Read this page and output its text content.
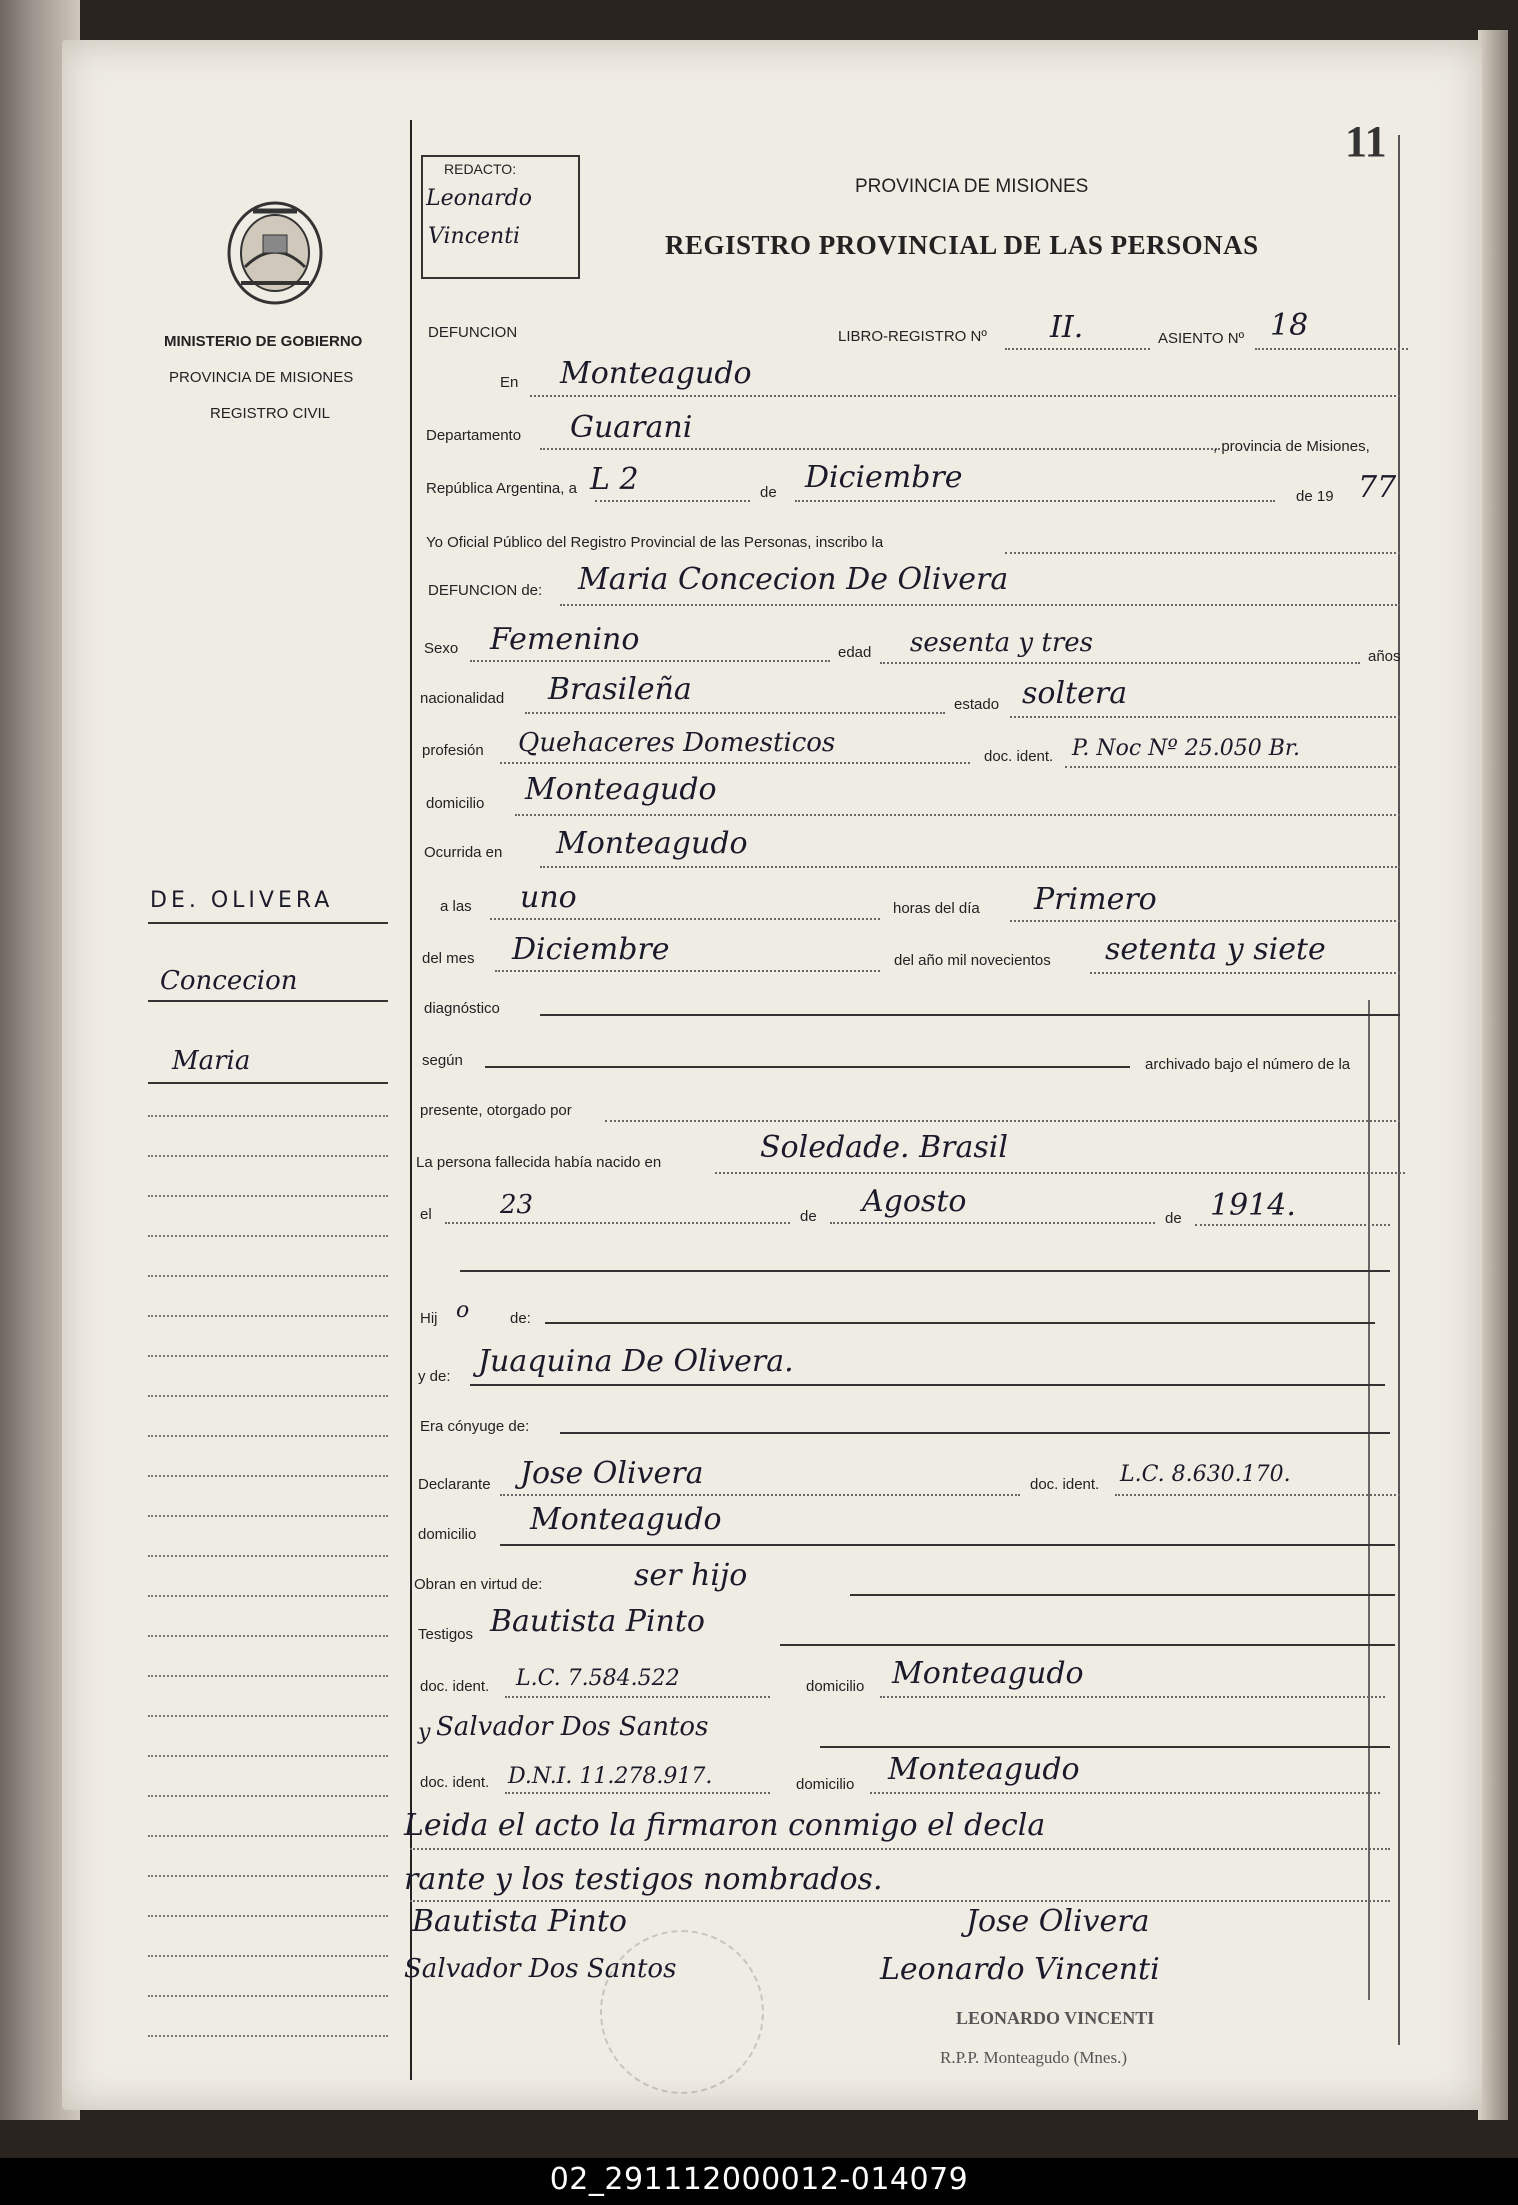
11
MINISTERIO DE GOBIERNO
PROVINCIA DE MISIONES
REGISTRO CIVIL
REDACTO:
Leonardo
Vincenti
PROVINCIA DE MISIONES
REGISTRO PROVINCIAL DE LAS PERSONAS
DE. OLIVERA
Concecion
Maria
DEFUNCION	LIBRO-REGISTRO Nº II.	ASIENTO Nº 18
En Monteagudo
Departamento Guarani
, provincia de Misiones,
República Argentina, a L 2	de Diciembre
de 19 77
Yo Oficial Público del Registro Provincial de las Personas, inscribo la
DEFUNCION de: Maria Concecion De Olivera
Sexo Femenino	edad sesenta y tres	años
nacionalidad Brasileña	estado soltera
profesión Quehaceres Domesticos	doc. ident. P. Noc Nº 25.050 Br.
domicilio Monteagudo
Ocurrida en Monteagudo
a las uno	horas del día Primero
del mes Diciembre	del año mil novecientos setenta y siete
diagnóstico
según	archivado bajo el número de la
presente, otorgado por
La persona fallecida había nacido en	Soledade. Brasil
el	23	de Agosto	de 1914.
Hij o	de:
y de: Juaquina De Olivera.
Era cónyuge de:
Declarante Jose Olivera	doc. ident. L.C. 8.630.170.
domicilio Monteagudo
Obran en virtud de:	ser hijo
Testigos Bautista Pinto
doc. ident. L.C. 7.584.522	domicilio Monteagudo
y Salvador Dos Santos
doc. ident. D.N.I. 11.278.917.	domicilio Monteagudo
Leida el acto la firmaron conmigo el decla
rante y los testigos nombrados.
Bautista Pinto	Jose Olivera
Salvador Dos Santos	Leonardo Vincenti
LEONARDO VINCENTI
R.P.P. Monteagudo (Mnes.)
02_291112000012-014079
